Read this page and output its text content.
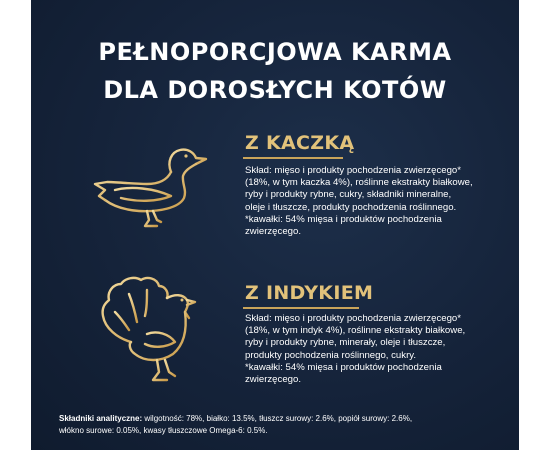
PEŁNOPORCJOWA KARMA
DLA DOROSŁYCH KOTÓW
Z KACZKĄ
Skład: mięso i produkty pochodzenia zwierzęcego*
(18%, w tym kaczka 4%), roślinne ekstrakty białkowe,
ryby i produkty rybne, cukry, składniki mineralne,
oleje i tłuszcze, produkty pochodzenia roślinnego.
*kawałki: 54% mięsa i produktów pochodzenia
zwierzęcego.
Z INDYKIEM
Skład: mięso i produkty pochodzenia zwierzęcego*
(18%, w tym indyk 4%), roślinne ekstrakty białkowe,
ryby i produkty rybne, minerały, oleje i tłuszcze,
produkty pochodzenia roślinnego, cukry.
*kawałki: 54% mięsa i produktów pochodzenia
zwierzęcego.
Składniki analityczne: wilgotność: 78%, białko: 13.5%, tłuszcz surowy: 2.6%, popiół surowy: 2.6%,
włókno surowe: 0.05%, kwasy tłuszczowe Omega-6: 0.5%.
